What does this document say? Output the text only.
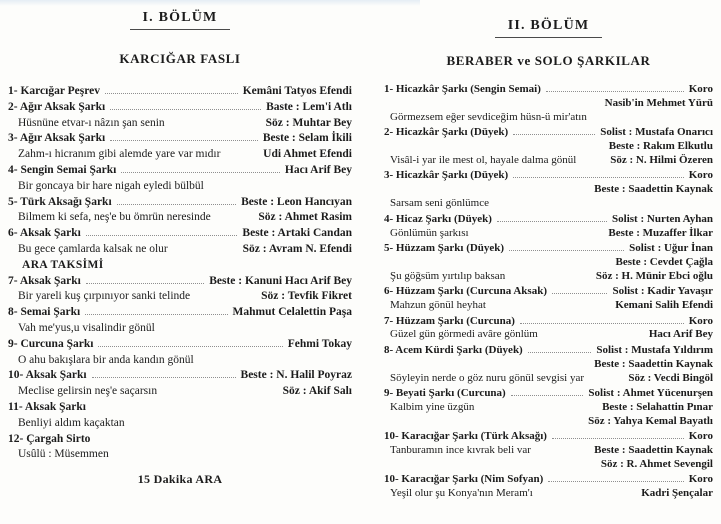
I. BÖLÜM
KARCIĞAR FASLI
1- Karcığar Peşrev	Kemâni Tatyos Efendi
2- Ağır Aksak Şarkı	Baste : Lem'i Atlı
Hüsnüne etvar-ı nâzın şan senin	Söz : Muhtar Bey
3- Ağır Aksak Şarkı	Beste : Selam İkili
Zahm-ı hicranım gibi alemde yare var mıdır	Udi Ahmet Efendi
4- Sengin Semai Şarkı	Hacı Arif Bey
Bir goncaya bir hare nigah eyledi bülbül
5- Türk Aksağı Şarkı	Beste : Leon Hancıyan
Bilmem ki sefa, neş'e bu ömrün neresinde	Söz : Ahmet Rasim
6- Aksak Şarkı	Beste : Artaki Candan
Bu gece çamlarda kalsak ne olur	Söz : Avram N. Efendi
ARA TAKSİMİ
7- Aksak Şarkı	Beste : Kanuni Hacı Arif Bey
Bir yareli kuş çırpınıyor sanki telinde	Söz : Tevfik Fikret
8- Semai Şarkı	Mahmut Celalettin Paşa
Vah me'yus,u visalindir gönül
9- Curcuna Şarkı	Fehmi Tokay
O ahu bakışlara bir anda kandın gönül
10- Aksak Şarkı	Beste : N. Halil Poyraz
Meclise gelirsin neş'e saçarsın	Söz : Akif Salı
11- Aksak Şarkı
Benliyi aldım kaçaktan
12- Çargah Sirto
Usûlü : Müsemmen
15 Dakika ARA
II. BÖLÜM
BERABER ve SOLO ŞARKILAR
1- Hicazkâr Şarkı (Sengin Semai)	Koro
Nasib'in Mehmet Yürü
Görmezsem eğer sevdiceğim hüsn-ü mir'atın
2- Hicazkâr Şarkı (Düyek)	Solist : Mustafa Onarıcı
Beste : Rakım Elkutlu
Visâl-i yar ile mest ol, hayale dalma gönül	Söz : N. Hilmi Özeren
3- Hicazkâr Şarkı (Düyek)	Koro
Beste : Saadettin Kaynak
Sarsam seni gönlümce
4- Hicaz Şarkı (Düyek)	Solist : Nurten Ayhan
Gönlümün şarkısı	Beste : Muzaffer İlkar
5- Hüzzam Şarkı (Düyek)	Solist : Uğur İnan
Beste : Cevdet Çağla
Şu göğsüm yırtılıp baksan	Söz : H. Münir Ebci oğlu
6- Hüzzam Şarkı (Curcuna Aksak)	Solist : Kadir Yavaşır
Mahzun gönül heyhat	Kemani Salih Efendi
7- Hüzzam Şarkı (Curcuna)	Koro
Güzel gün görmedi avâre gönlüm	Hacı Arif Bey
8- Acem Kürdi Şarkı (Düyek)	Solist : Mustafa Yıldırım
Beste : Saadettin Kaynak
Söyleyin nerde o göz nuru gönül sevgisi yar	Söz : Vecdi Bingöl
9- Beyati Şarkı (Curcuna)	Solist : Ahmet Yücenurşen
Kalbim yine üzgün	Beste : Selahattin Pınar
Söz : Yahya Kemal Bayatlı
10- Karacığar Şarkı (Türk Aksağı)	Koro
Tanburamın ince kıvrak beli var	Beste : Saadettin Kaynak
Söz : R. Ahmet Sevengil
10- Karacığar Şarkı (Nim Sofyan)	Koro
Yeşil olur şu Konya'nın Meram'ı	Kadri Şençalar
